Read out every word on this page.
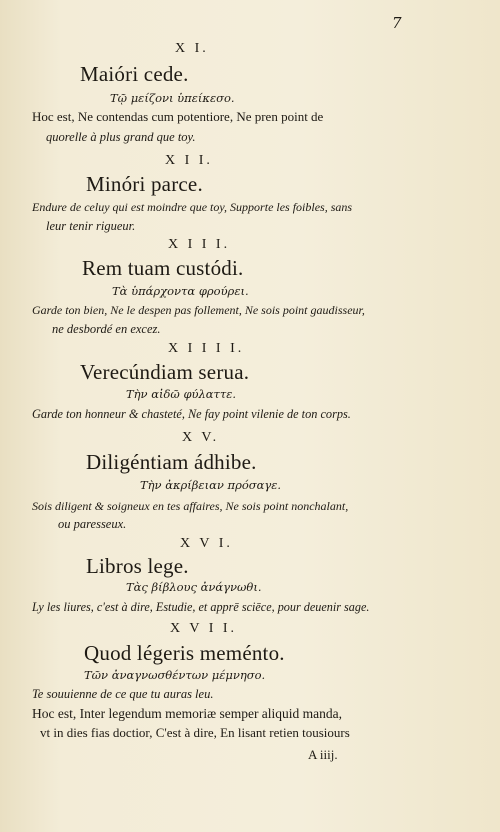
7
X I.
Maióri cede.
Τῷ μείζονι ὑπείκεσο.
Hoc est, Ne contendas cum potentiore, Ne pren point de
quorelle à plus grand que toy.
X I I.
Minóri parce.
Endure de celuy qui est moindre que toy, Supporte les foibles, sans
leur tenir rigueur.
X I I I.
Rem tuam custódi.
Τὰ ὑπάρχοντα φρούρει.
Garde ton bien, Ne le despen pas follement, Ne sois point gaudisseur,
ne desbordé en excez.
X I I I I.
Verecúndiam serua.
Τὴν αἰδῶ φύλαττε.
Garde ton honneur & chasteté, Ne fay point vilenie de ton corps.
X V.
Diligéntiam ádhibe.
Τὴν ἀκρίβειαν πρόσαγε.
Sois diligent & soigneux en tes affaires, Ne sois point nonchalant,
ou paresseux.
X V I.
Libros lege.
Τὰς βίβλους ἀνάγνωθι.
Ly les liures, c'est à dire, Estudie, et apprē sciēce, pour deuenir sage.
X V I I.
Quod légeris meménto.
Τῶν ἀναγνωσθέντων μέμνησο.
Te souuienne de ce que tu auras leu.
Hoc est, Inter legendum memoriæ semper aliquid manda,
vt in dies fias doctior, C'est à dire, En lisant retien tousiours
A iiij.
